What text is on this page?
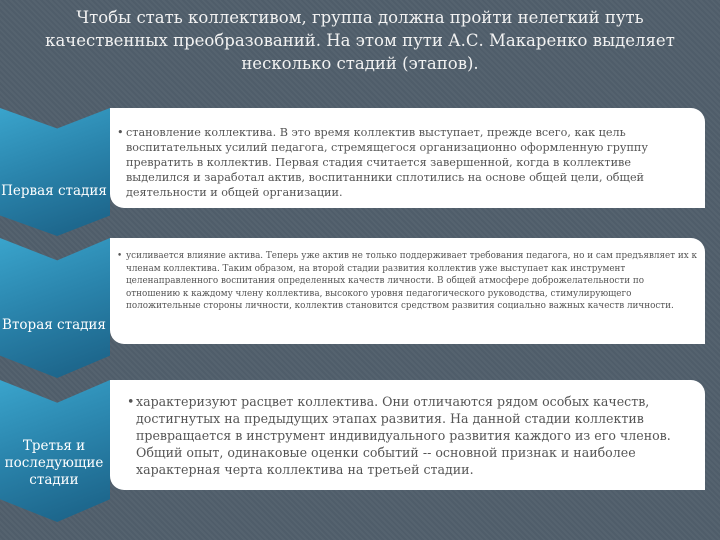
Чтобы стать коллективом, группа должна пройти нелегкий путь качественных преобразований. На этом пути А.С. Макаренко выделяет несколько стадий (этапов).
Первая стадия
• становление коллектива. В это время коллектив выступает, прежде всего, как цель воспитательных усилий педагога, стремящегося организационно оформленную группу превратить в коллектив. Первая стадия считается завершенной, когда в коллективе выделился и заработал актив, воспитанники сплотились на основе общей цели, общей деятельности и общей организации.
Вторая стадия
• усиливается влияние актива. Теперь уже актив не только поддерживает требования педагога, но и сам предъявляет их к членам коллектива. Таким образом, на второй стадии развития коллектив уже выступает как инструмент целенаправленного воспитания определенных качеств личности. В общей атмосфере доброжелательности по отношению к каждому члену коллектива, высокого уровня педагогического руководства, стимулирующего положительные стороны личности, коллектив становится средством развития социально важных качеств личности.
Третья и последующие стадии
• характеризуют расцвет коллектива. Они отличаются рядом особых качеств, достигнутых на предыдущих этапах развития. На данной стадии коллектив превращается в инструмент индивидуального развития каждого из его членов. Общий опыт, одинаковые оценки событий -- основной признак и наиболее характерная черта коллектива на третьей стадии.
